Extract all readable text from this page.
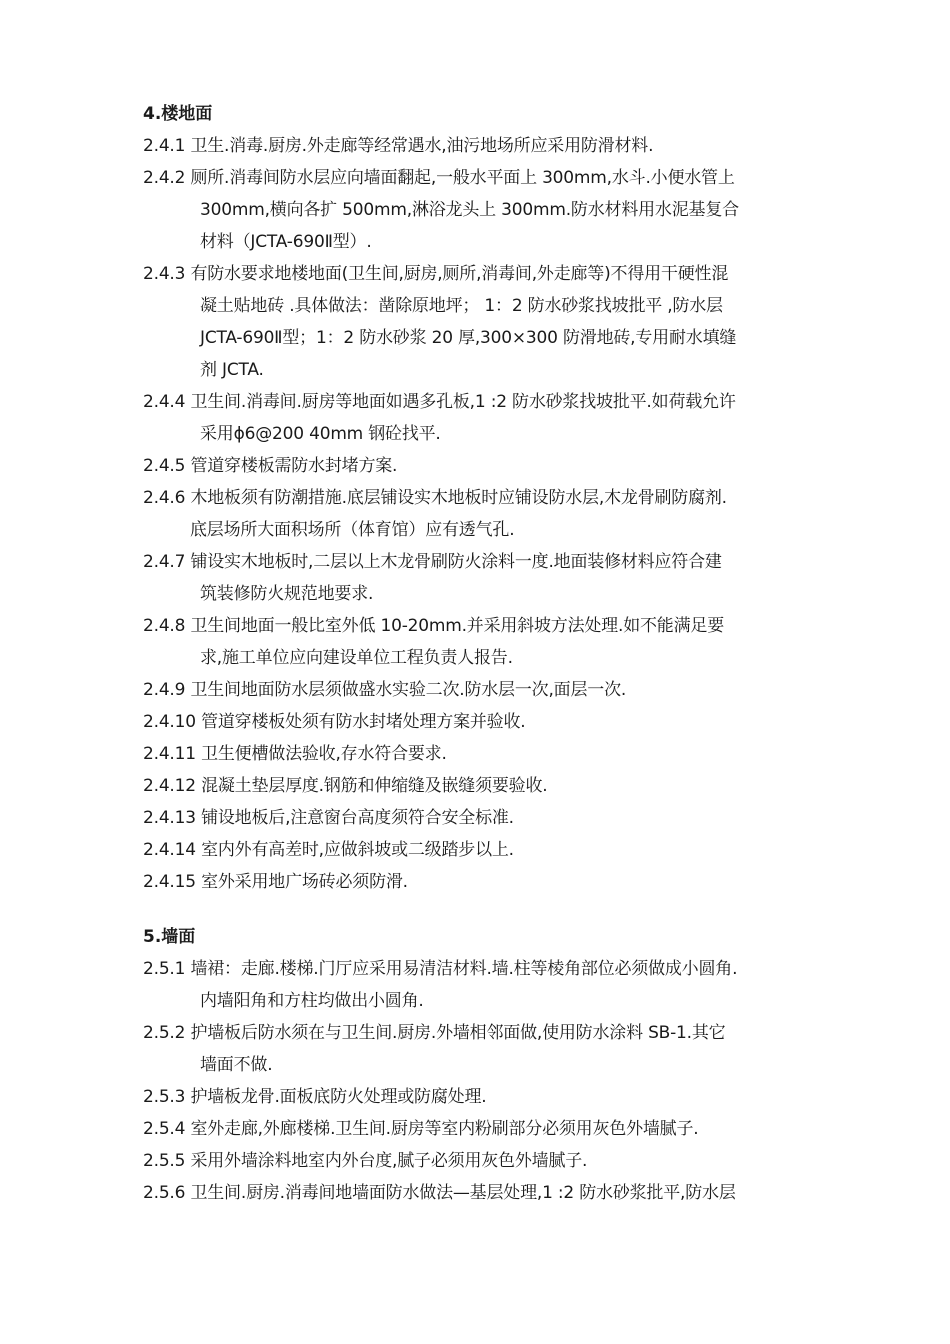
4.楼地面
2.4.1 卫生.消毒.厨房.外走廊等经常遇水,油污地场所应采用防滑材料.
2.4.2 厕所.消毒间防水层应向墙面翻起,一般水平面上 300mm,水斗.小便水管上
300mm,横向各扩 500mm,淋浴龙头上 300mm.防水材料用水泥基复合
材料（JCTA-690Ⅱ型）.
2.4.3 有防水要求地楼地面(卫生间,厨房,厕所,消毒间,外走廊等)不得用干硬性混
凝土贴地砖 .具体做法：凿除原地坪； 1：2 防水砂浆找坡批平 ,防水层
JCTA-690Ⅱ型；1：2 防水砂浆 20 厚,300×300 防滑地砖,专用耐水填缝
剂 JCTA.
2.4.4 卫生间.消毒间.厨房等地面如遇多孔板,1 :2 防水砂浆找坡批平.如荷载允许
采用ϕ6@200 40mm 钢砼找平.
2.4.5 管道穿楼板需防水封堵方案.
2.4.6 木地板须有防潮措施.底层铺设实木地板时应铺设防水层,木龙骨刷防腐剂.
底层场所大面积场所（体育馆）应有透气孔.
2.4.7 铺设实木地板时,二层以上木龙骨刷防火涂料一度.地面装修材料应符合建
筑装修防火规范地要求.
2.4.8 卫生间地面一般比室外低 10-20mm.并采用斜坡方法处理.如不能满足要
求,施工单位应向建设单位工程负责人报告.
2.4.9 卫生间地面防水层须做盛水实验二次.防水层一次,面层一次.
2.4.10 管道穿楼板处须有防水封堵处理方案并验收.
2.4.11 卫生便槽做法验收,存水符合要求.
2.4.12 混凝土垫层厚度.钢筋和伸缩缝及嵌缝须要验收.
2.4.13 铺设地板后,注意窗台高度须符合安全标准.
2.4.14 室内外有高差时,应做斜坡或二级踏步以上.
2.4.15 室外采用地广场砖必须防滑.
5.墙面
2.5.1 墙裙：走廊.楼梯.门厅应采用易清洁材料.墙.柱等棱角部位必须做成小圆角.
内墙阳角和方柱均做出小圆角.
2.5.2 护墙板后防水须在与卫生间.厨房.外墙相邻面做,使用防水涂料 SB-1.其它
墙面不做.
2.5.3 护墙板龙骨.面板底防火处理或防腐处理.
2.5.4 室外走廊,外廊楼梯.卫生间.厨房等室内粉刷部分必须用灰色外墙腻子.
2.5.5 采用外墙涂料地室内外台度,腻子必须用灰色外墙腻子.
2.5.6 卫生间.厨房.消毒间地墙面防水做法—基层处理,1 :2 防水砂浆批平,防水层
